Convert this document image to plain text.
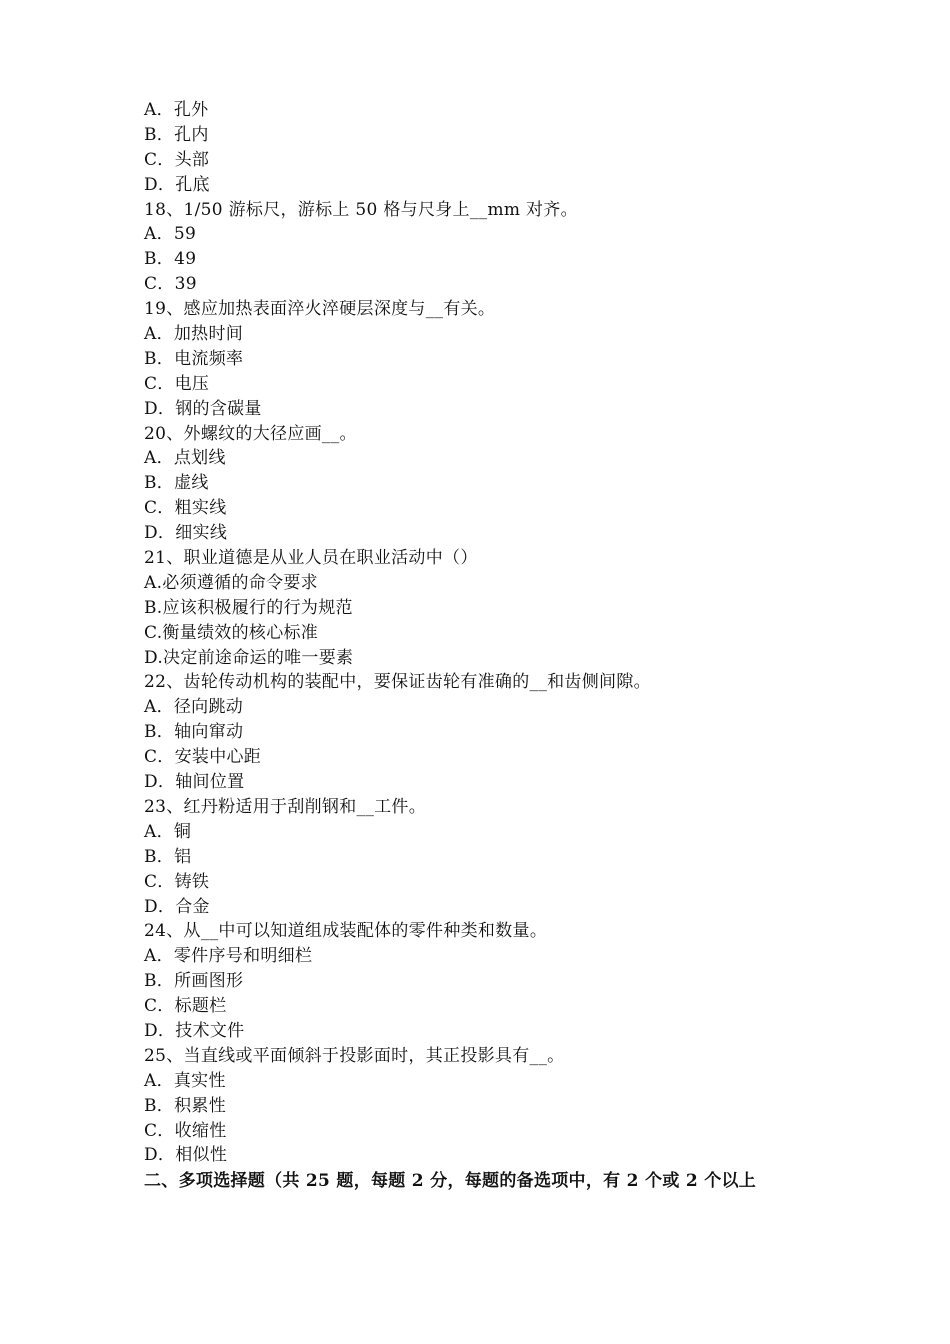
A．孔外
B．孔内
C．头部
D．孔底
18、1/50 游标尺，游标上 50 格与尺身上__mm 对齐。
A．59
B．49
C．39
19、感应加热表面淬火淬硬层深度与__有关。
A．加热时间
B．电流频率
C．电压
D．钢的含碳量
20、外螺纹的大径应画__。
A．点划线
B．虚线
C．粗实线
D．细实线
21、职业道德是从业人员在职业活动中（）
A.必须遵循的命令要求
B.应该积极履行的行为规范
C.衡量绩效的核心标准
D.决定前途命运的唯一要素
22、齿轮传动机构的装配中，要保证齿轮有准确的__和齿侧间隙。
A．径向跳动
B．轴向窜动
C．安装中心距
D．轴间位置
23、红丹粉适用于刮削钢和__工件。
A．铜
B．铝
C．铸铁
D．合金
24、从__中可以知道组成装配体的零件种类和数量。
A．零件序号和明细栏
B．所画图形
C．标题栏
D．技术文件
25、当直线或平面倾斜于投影面时，其正投影具有__。
A．真实性
B．积累性
C．收缩性
D．相似性
二、多项选择题（共 25 题，每题 2 分，每题的备选项中，有 2 个或 2 个以上
